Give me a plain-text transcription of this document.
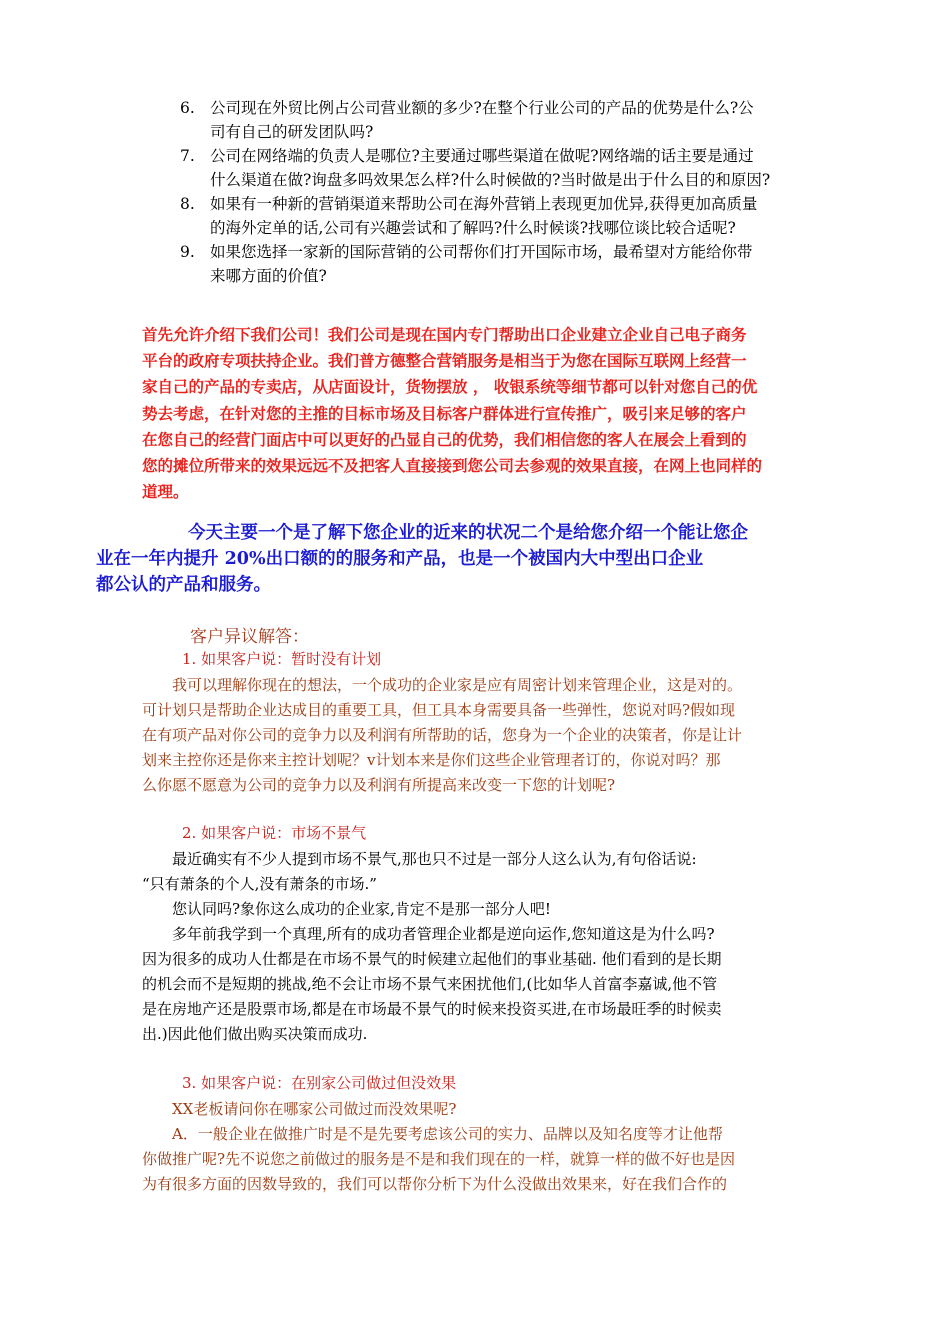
6. 公司现在外贸比例占公司营业额的多少?在整个行业公司的产品的优势是什么?公
司有自己的研发团队吗?
7. 公司在网络端的负责人是哪位?主要通过哪些渠道在做呢?网络端的话主要是通过
什么渠道在做?询盘多吗效果怎么样?什么时候做的?当时做是出于什么目的和原因?
8. 如果有一种新的营销渠道来帮助公司在海外营销上表现更加优异,获得更加高质量
的海外定单的话,公司有兴趣尝试和了解吗?什么时候谈?找哪位谈比较合适呢?
9. 如果您选择一家新的国际营销的公司帮你们打开国际市场，最希望对方能给你带
来哪方面的价值?

首先允许介绍下我们公司！我们公司是现在国内专门帮助出口企业建立企业自己电子商务
平台的政府专项扶持企业。我们普方德整合营销服务是相当于为您在国际互联网上经营一
家自己的产品的专卖店，从店面设计，货物摆放 ， 收银系统等细节都可以针对您自己的优
势去考虑，在针对您的主推的目标市场及目标客户群体进行宣传推广，吸引来足够的客户
在您自己的经营门面店中可以更好的凸显自己的优势，我们相信您的客人在展会上看到的
您的摊位所带来的效果远远不及把客人直接接到您公司去参观的效果直接，在网上也同样的
道理。

今天主要一个是了解下您企业的近来的状况二个是给您介绍一个能让您企
业在一年内提升 20%出口额的的服务和产品，也是一个被国内大中型出口企业
都公认的产品和服务。

客户异议解答：

1. 如果客户说：暂时没有计划

　　我可以理解你现在的想法，一个成功的企业家是应有周密计划来管理企业，这是对的。
可计划只是帮助企业达成目的重要工具，但工具本身需要具备一些弹性，您说对吗?假如现
在有项产品对你公司的竞争力以及利润有所帮助的话，您身为一个企业的决策者，你是让计
划来主控你还是你来主控计划呢？v计划本来是你们这些企业管理者订的，你说对吗？那
么你愿不愿意为公司的竞争力以及利润有所提高来改变一下您的计划呢?

2. 如果客户说：市场不景气

　　最近确实有不少人提到市场不景气,那也只不过是一部分人这么认为,有句俗话说:
“只有萧条的个人,没有萧条的市场.”
　　您认同吗?象你这么成功的企业家,肯定不是那一部分人吧!
　　多年前我学到一个真理,所有的成功者管理企业都是逆向运作,您知道这是为什么吗?
因为很多的成功人仕都是在市场不景气的时候建立起他们的事业基础. 他们看到的是长期
的机会而不是短期的挑战,绝不会让市场不景气来困扰他们,(比如华人首富李嘉诚,他不管
是在房地产还是股票市场,都是在市场最不景气的时候来投资买进,在市场最旺季的时候卖
出.)因此他们做出购买决策而成功.

3. 如果客户说：在别家公司做过但没效果

　　XX老板请问你在哪家公司做过而没效果呢?
　　A．一般企业在做推广时是不是先要考虑该公司的实力、品牌以及知名度等才让他帮
你做推广呢?先不说您之前做过的服务是不是和我们现在的一样，就算一样的做不好也是因
为有很多方面的因数导致的，我们可以帮你分析下为什么没做出效果来，好在我们合作的
